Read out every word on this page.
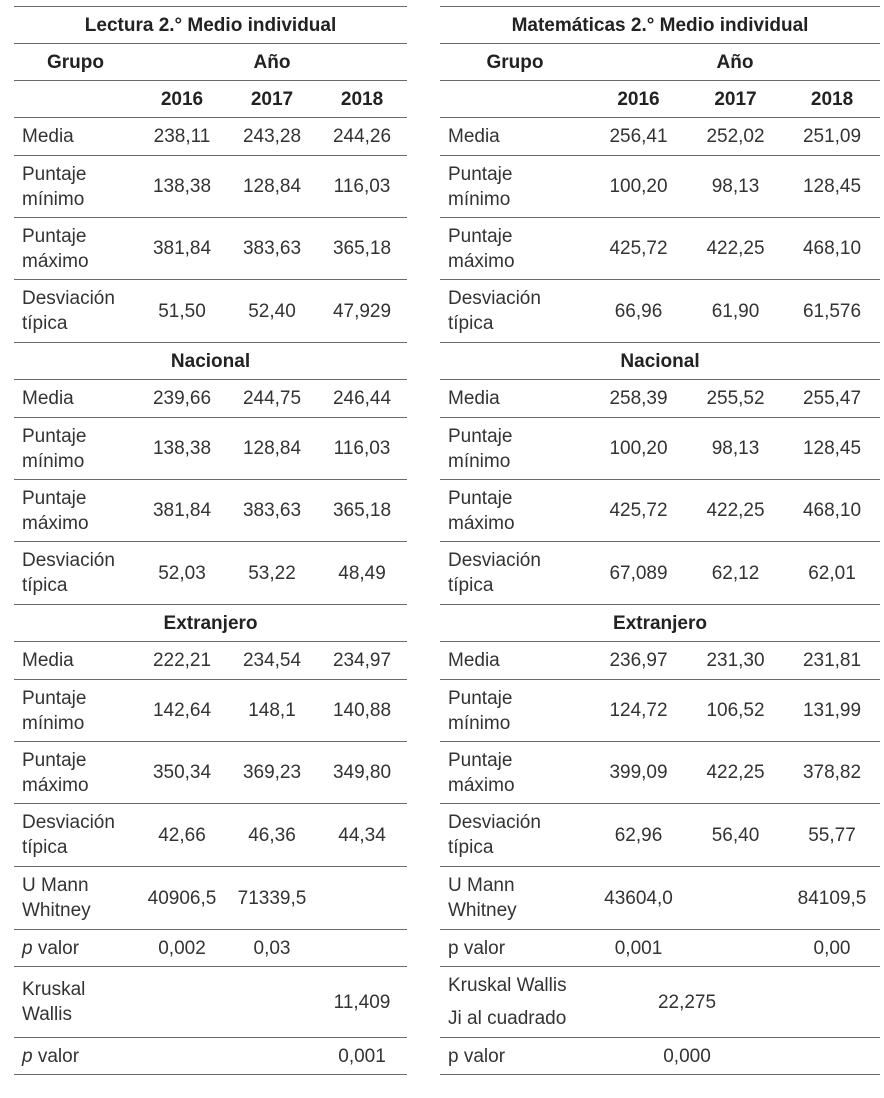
Lectura 2.° Medio individual			
Grupo	Año		
	2016	2017	2018
Media	238,11	243,28	244,26
Puntaje
mínimo	138,38	128,84	116,03
Puntaje
máximo	381,84	383,63	365,18
Desviación
típica	51,50	52,40	47,929
Nacional			
Media	239,66	244,75	246,44
Puntaje
mínimo	138,38	128,84	116,03
Puntaje
máximo	381,84	383,63	365,18
Desviación
típica	52,03	53,22	48,49
Extranjero			
Media	222,21	234,54	234,97
Puntaje
mínimo	142,64	148,1	140,88
Puntaje
máximo	350,34	369,23	349,80
Desviación
típica	42,66	46,36	44,34
U Mann
Whitney	40906,5	71339,5	
p valor	0,002	0,03	
Kruskal
Wallis			11,409
p valor			0,001
Matemáticas 2.° Medio individual			
Grupo	Año		
	2016	2017	2018
Media	256,41	252,02	251,09
Puntaje
mínimo	100,20	98,13	128,45
Puntaje
máximo	425,72	422,25	468,10
Desviación
típica	66,96	61,90	61,576
Nacional			
Media	258,39	255,52	255,47
Puntaje
mínimo	100,20	98,13	128,45
Puntaje
máximo	425,72	422,25	468,10
Desviación
típica	67,089	62,12	62,01
Extranjero			
Media	236,97	231,30	231,81
Puntaje
mínimo	124,72	106,52	131,99
Puntaje
máximo	399,09	422,25	378,82
Desviación
típica	62,96	56,40	55,77
U Mann
Whitney	43604,0		84109,5
p valor	0,001		0,00
Kruskal Wallis
Ji al cuadrado	22,275		
p valor	0,000		
